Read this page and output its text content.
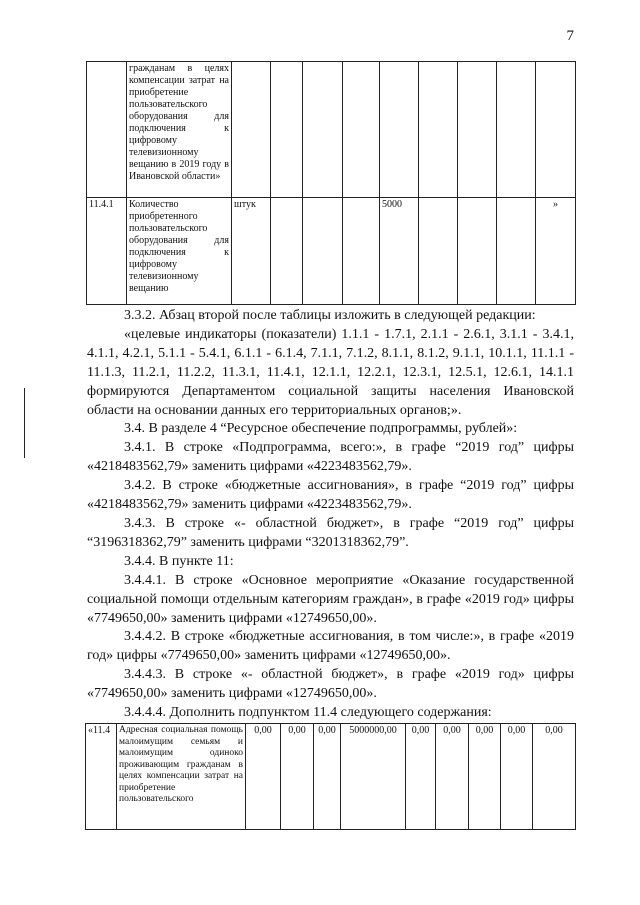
7
	гражданам в целях компенсации затрат на приобретение пользовательского оборудования для подключения к цифровому телевизионному вещанию в 2019 году в Ивановской области»									
11.4.1	Количество приобретенного пользовательского оборудования для подключения к цифровому телевизионному вещанию	штук				5000				»

3.3.2. Абзац второй после таблицы изложить в следующей редакции:

«целевые индикаторы (показатели) 1.1.1 - 1.7.1, 2.1.1 - 2.6.1, 3.1.1 - 3.4.1, 4.1.1, 4.2.1, 5.1.1 - 5.4.1, 6.1.1 - 6.1.4, 7.1.1, 7.1.2, 8.1.1, 8.1.2, 9.1.1, 10.1.1, 11.1.1 - 11.1.3, 11.2.1, 11.2.2, 11.3.1, 11.4.1, 12.1.1, 12.2.1, 12.3.1, 12.5.1, 12.6.1, 14.1.1 формируются Департаментом социальной защиты населения Ивановской области на основании данных его территориальных органов;».

3.4. В разделе 4 “Ресурсное обеспечение подпрограммы, рублей»:

3.4.1. В строке «Подпрограмма, всего:», в графе “2019 год” цифры «4218483562,79» заменить цифрами «4223483562,79».

3.4.2. В строке «бюджетные ассигнования», в графе “2019 год” цифры «4218483562,79» заменить цифрами «4223483562,79».

3.4.3. В строке «- областной бюджет», в графе “2019 год” цифры “3196318362,79” заменить цифрами “3201318362,79”.

3.4.4. В пункте 11:

3.4.4.1. В строке «Основное мероприятие «Оказание государственной социальной помощи отдельным категориям граждан», в графе «2019 год» цифры «7749650,00» заменить цифрами «12749650,00».

3.4.4.2. В строке «бюджетные ассигнования, в том числе:», в графе «2019 год» цифры «7749650,00» заменить цифрами «12749650,00».

3.4.4.3. В строке «- областной бюджет», в графе «2019 год» цифры «7749650,00» заменить цифрами «12749650,00».

3.4.4.4. Дополнить подпунктом 11.4 следующего содержания:

«11.4	Адресная социальная помощь малоимущим семьям и малоимущим одиноко проживающим гражданам в целях компенсации затрат на приобретение пользовательского	0,00	0,00	0,00	5000000,00	0,00	0,00	0,00	0,00	0,00
